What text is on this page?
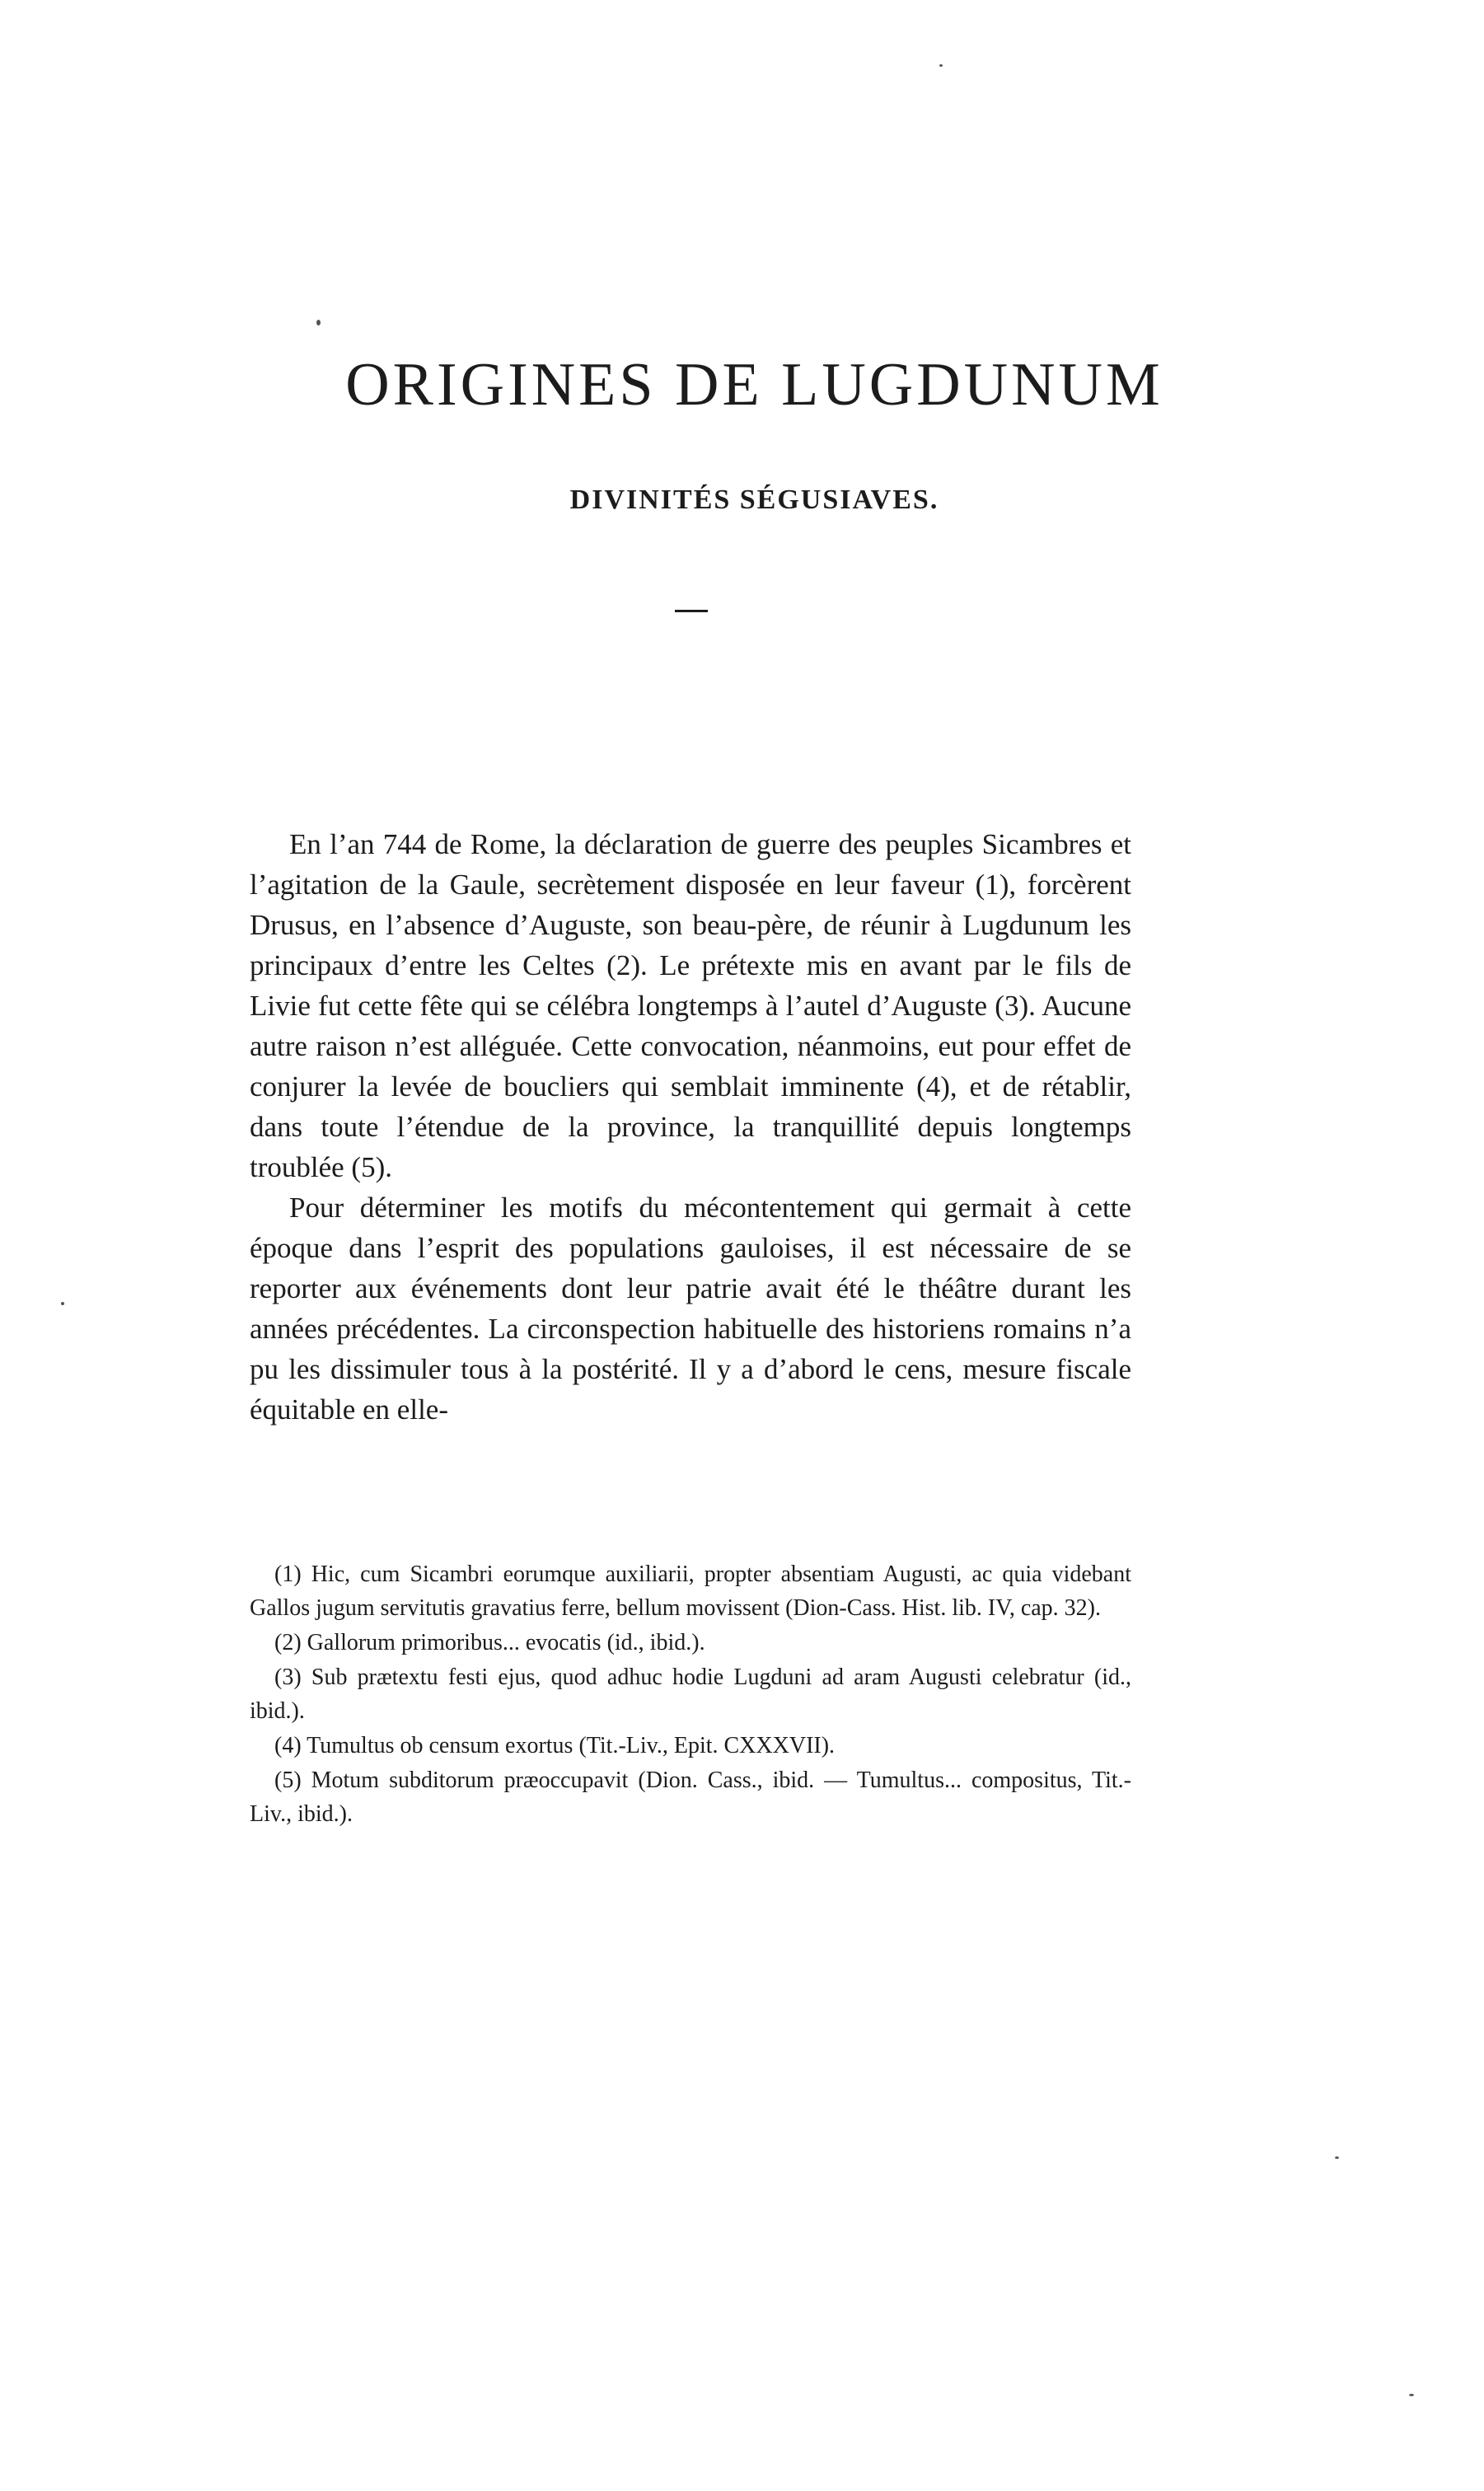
ORIGINES DE LUGDUNUM
DIVINITÉS SÉGUSIAVES.

En l’an 744 de Rome, la déclaration de guerre des peuples Sicambres et l’agitation de la Gaule, secrètement disposée en leur faveur (1), forcèrent Drusus, en l’absence d’Auguste, son beau-père, de réunir à Lugdunum les principaux d’entre les Celtes (2). Le prétexte mis en avant par le fils de Livie fut cette fête qui se célébra longtemps à l’autel d’Auguste (3). Aucune autre raison n’est alléguée. Cette convocation, néanmoins, eut pour effet de conjurer la levée de boucliers qui semblait imminente (4), et de rétablir, dans toute l’étendue de la province, la tranquillité depuis longtemps troublée (5).

Pour déterminer les motifs du mécontentement qui germait à cette époque dans l’esprit des populations gauloises, il est nécessaire de se reporter aux événements dont leur patrie avait été le théâtre durant les années précédentes. La circonspection habituelle des historiens romains n’a pu les dissimuler tous à la postérité. Il y a d’abord le cens, mesure fiscale équitable en elle-

(1) Hic, cum Sicambri eorumque auxiliarii, propter absentiam Augusti, ac quia videbant Gallos jugum servitutis gravatius ferre, bellum movissent (Dion-Cass. Hist. lib. IV, cap. 32).

(2) Gallorum primoribus... evocatis (id., ibid.).

(3) Sub prætextu festi ejus, quod adhuc hodie Lugduni ad aram Augusti celebratur (id., ibid.).

(4) Tumultus ob censum exortus (Tit.-Liv., Epit. CXXXVII).

(5) Motum subditorum præoccupavit (Dion. Cass., ibid. — Tumultus... compositus, Tit.-Liv., ibid.).
